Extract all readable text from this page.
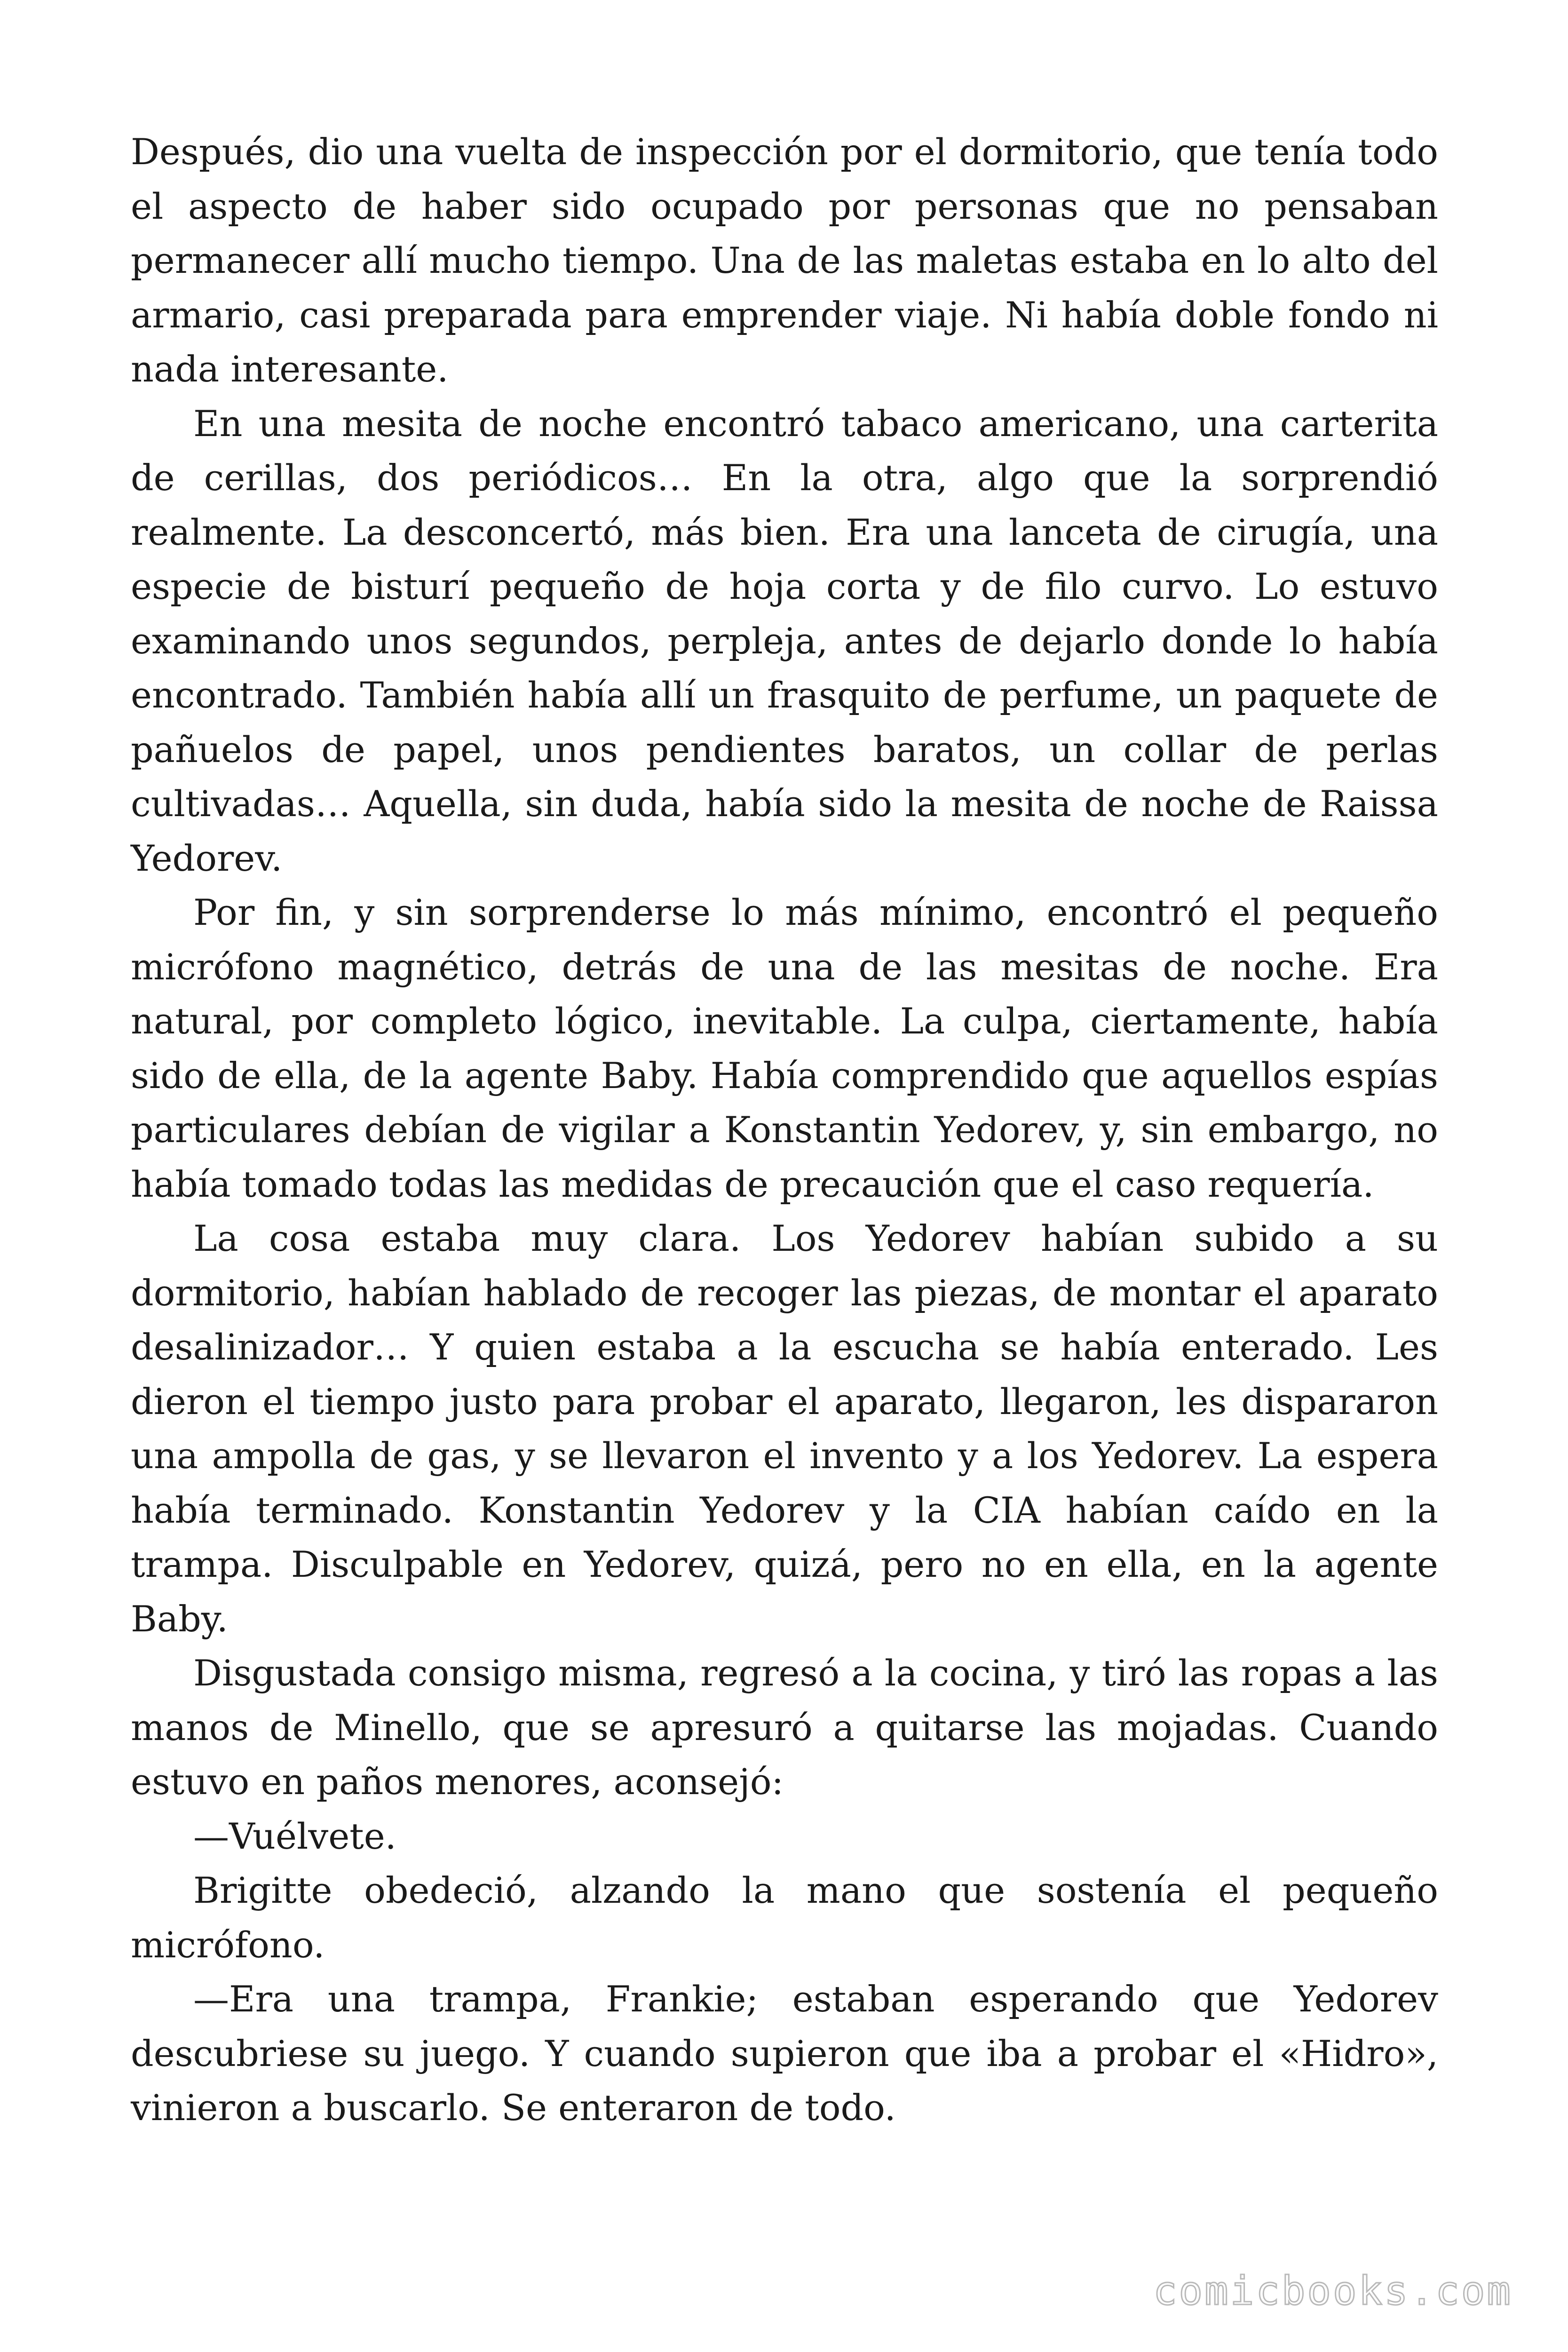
Después, dio una vuelta de inspección por el dormitorio, que tenía todo el aspecto de haber sido ocupado por personas que no pensaban permanecer allí mucho tiempo. Una de las maletas estaba en lo alto del armario, casi preparada para emprender viaje. Ni había doble fondo ni nada interesante.

En una mesita de noche encontró tabaco americano, una carterita de cerillas, dos periódicos… En la otra, algo que la sorprendió realmente. La desconcertó, más bien. Era una lanceta de cirugía, una especie de bisturí pequeño de hoja corta y de filo curvo. Lo estuvo examinando unos segundos, perpleja, antes de dejarlo donde lo había encontrado. También había allí un frasquito de perfume, un paquete de pañuelos de papel, unos pendientes baratos, un collar de perlas cultivadas… Aquella, sin duda, había sido la mesita de noche de Raissa Yedorev.

Por fin, y sin sorprenderse lo más mínimo, encontró el pequeño micrófono magnético, detrás de una de las mesitas de noche. Era natural, por completo lógico, inevitable. La culpa, ciertamente, había sido de ella, de la agente Baby. Había comprendido que aquellos espías particulares debían de vigilar a Konstantin Yedorev, y, sin embargo, no había tomado todas las medidas de precaución que el caso requería.

La cosa estaba muy clara. Los Yedorev habían subido a su dormitorio, habían hablado de recoger las piezas, de montar el aparato desalinizador… Y quien estaba a la escucha se había enterado. Les dieron el tiempo justo para probar el aparato, llegaron, les dispararon una ampolla de gas, y se llevaron el invento y a los Yedorev. La espera había terminado. Konstantin Yedorev y la CIA habían caído en la trampa. Disculpable en Yedorev, quizá, pero no en ella, en la agente Baby.

Disgustada consigo misma, regresó a la cocina, y tiró las ropas a las manos de Minello, que se apresuró a quitarse las mojadas. Cuando estuvo en paños menores, aconsejó:

—Vuélvete.

Brigitte obedeció, alzando la mano que sostenía el pequeño micrófono.

—Era una trampa, Frankie; estaban esperando que Yedorev descubriese su juego. Y cuando supieron que iba a probar el «Hidro», vinieron a buscarlo. Se enteraron de todo.

comicbooks.com
